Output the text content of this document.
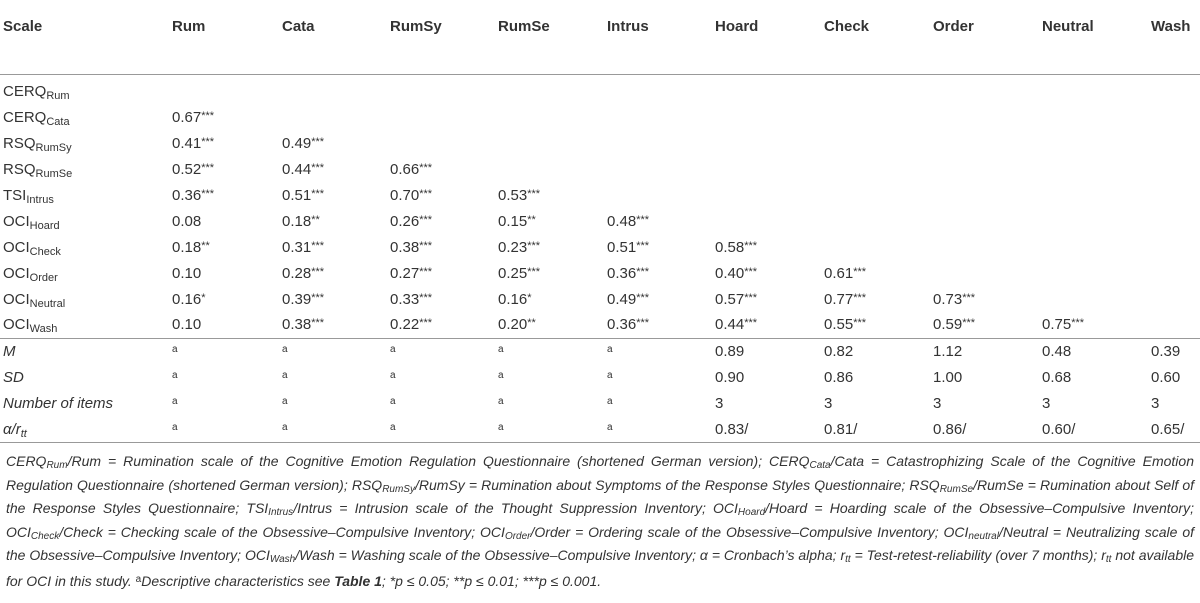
Scale	Rum	Cata	RumSy	RumSe	Intrus	Hoard	Check	Order	Neutral	Wash

$CERQ_{Rum}$										
$CERQ_{Cata}$	0.67***									
$RSQ_{RumSy}$	0.41***	0.49***								
$RSQ_{RumSe}$	0.52***	0.44***	0.66***							
$TSI_{Intrus}$	0.36***	0.51***	0.70***	0.53***						
$OCI_{Hoard}$	0.08	0.18**	0.26***	0.15**	0.48***					
$OCI_{Check}$	0.18**	0.31***	0.38***	0.23***	0.51***	0.58***				
$OCI_{Order}$	0.10	0.28***	0.27***	0.25***	0.36***	0.40***	0.61***			
$OCI_{Neutral}$	0.16*	0.39***	0.33***	0.16*	0.49***	0.57***	0.77***	0.73***		
$OCI_{Wash}$	0.10	0.38***	0.22***	0.20**	0.36***	0.44***	0.55***	0.59***	0.75***	

M	$^a$	$^a$	$^a$	$^a$	$^a$	0.89	0.82	1.12	0.48	0.39
SD	$^a$	$^a$	$^a$	$^a$	$^a$	0.90	0.86	1.00	0.68	0.60
Number of items	$^a$	$^a$	$^a$	$^a$	$^a$	3	3	3	3	3
$\alpha/r_{tt}$	$^a$	$^a$	$^a$	$^a$	$^a$	0.83/	0.81/	0.86/	0.60/	0.65/

CERQRum/Rum = Rumination scale of the Cognitive Emotion Regulation Questionnaire (shortened German version); CERQCata/Cata = Catastrophizing Scale of the Cognitive Emotion Regulation Questionnaire (shortened German version); RSQRumSy/RumSy = Rumination about Symptoms of the Response Styles Questionnaire; RSQRumSe/RumSe = Rumination about Self of the Response Styles Questionnaire; TSIIntrus/Intrus = Intrusion scale of the Thought Suppression Inventory; OCIHoard/Hoard = Hoarding scale of the Obsessive–Compulsive Inventory; OCICheck/Check = Checking scale of the Obsessive–Compulsive Inventory; OCIOrder/Order = Ordering scale of the Obsessive–Compulsive Inventory; OCIneutral/Neutral = Neutralizing scale of the Obsessive–Compulsive Inventory; OCIWash/Wash = Washing scale of the Obsessive–Compulsive Inventory; α = Cronbach’s alpha; rtt = Test-retest-reliability (over 7 months); rtt not available for OCI in this study. $^a$Descriptive characteristics see Table 1; *p ≤ 0.05; **p ≤ 0.01; ***p ≤ 0.001.
